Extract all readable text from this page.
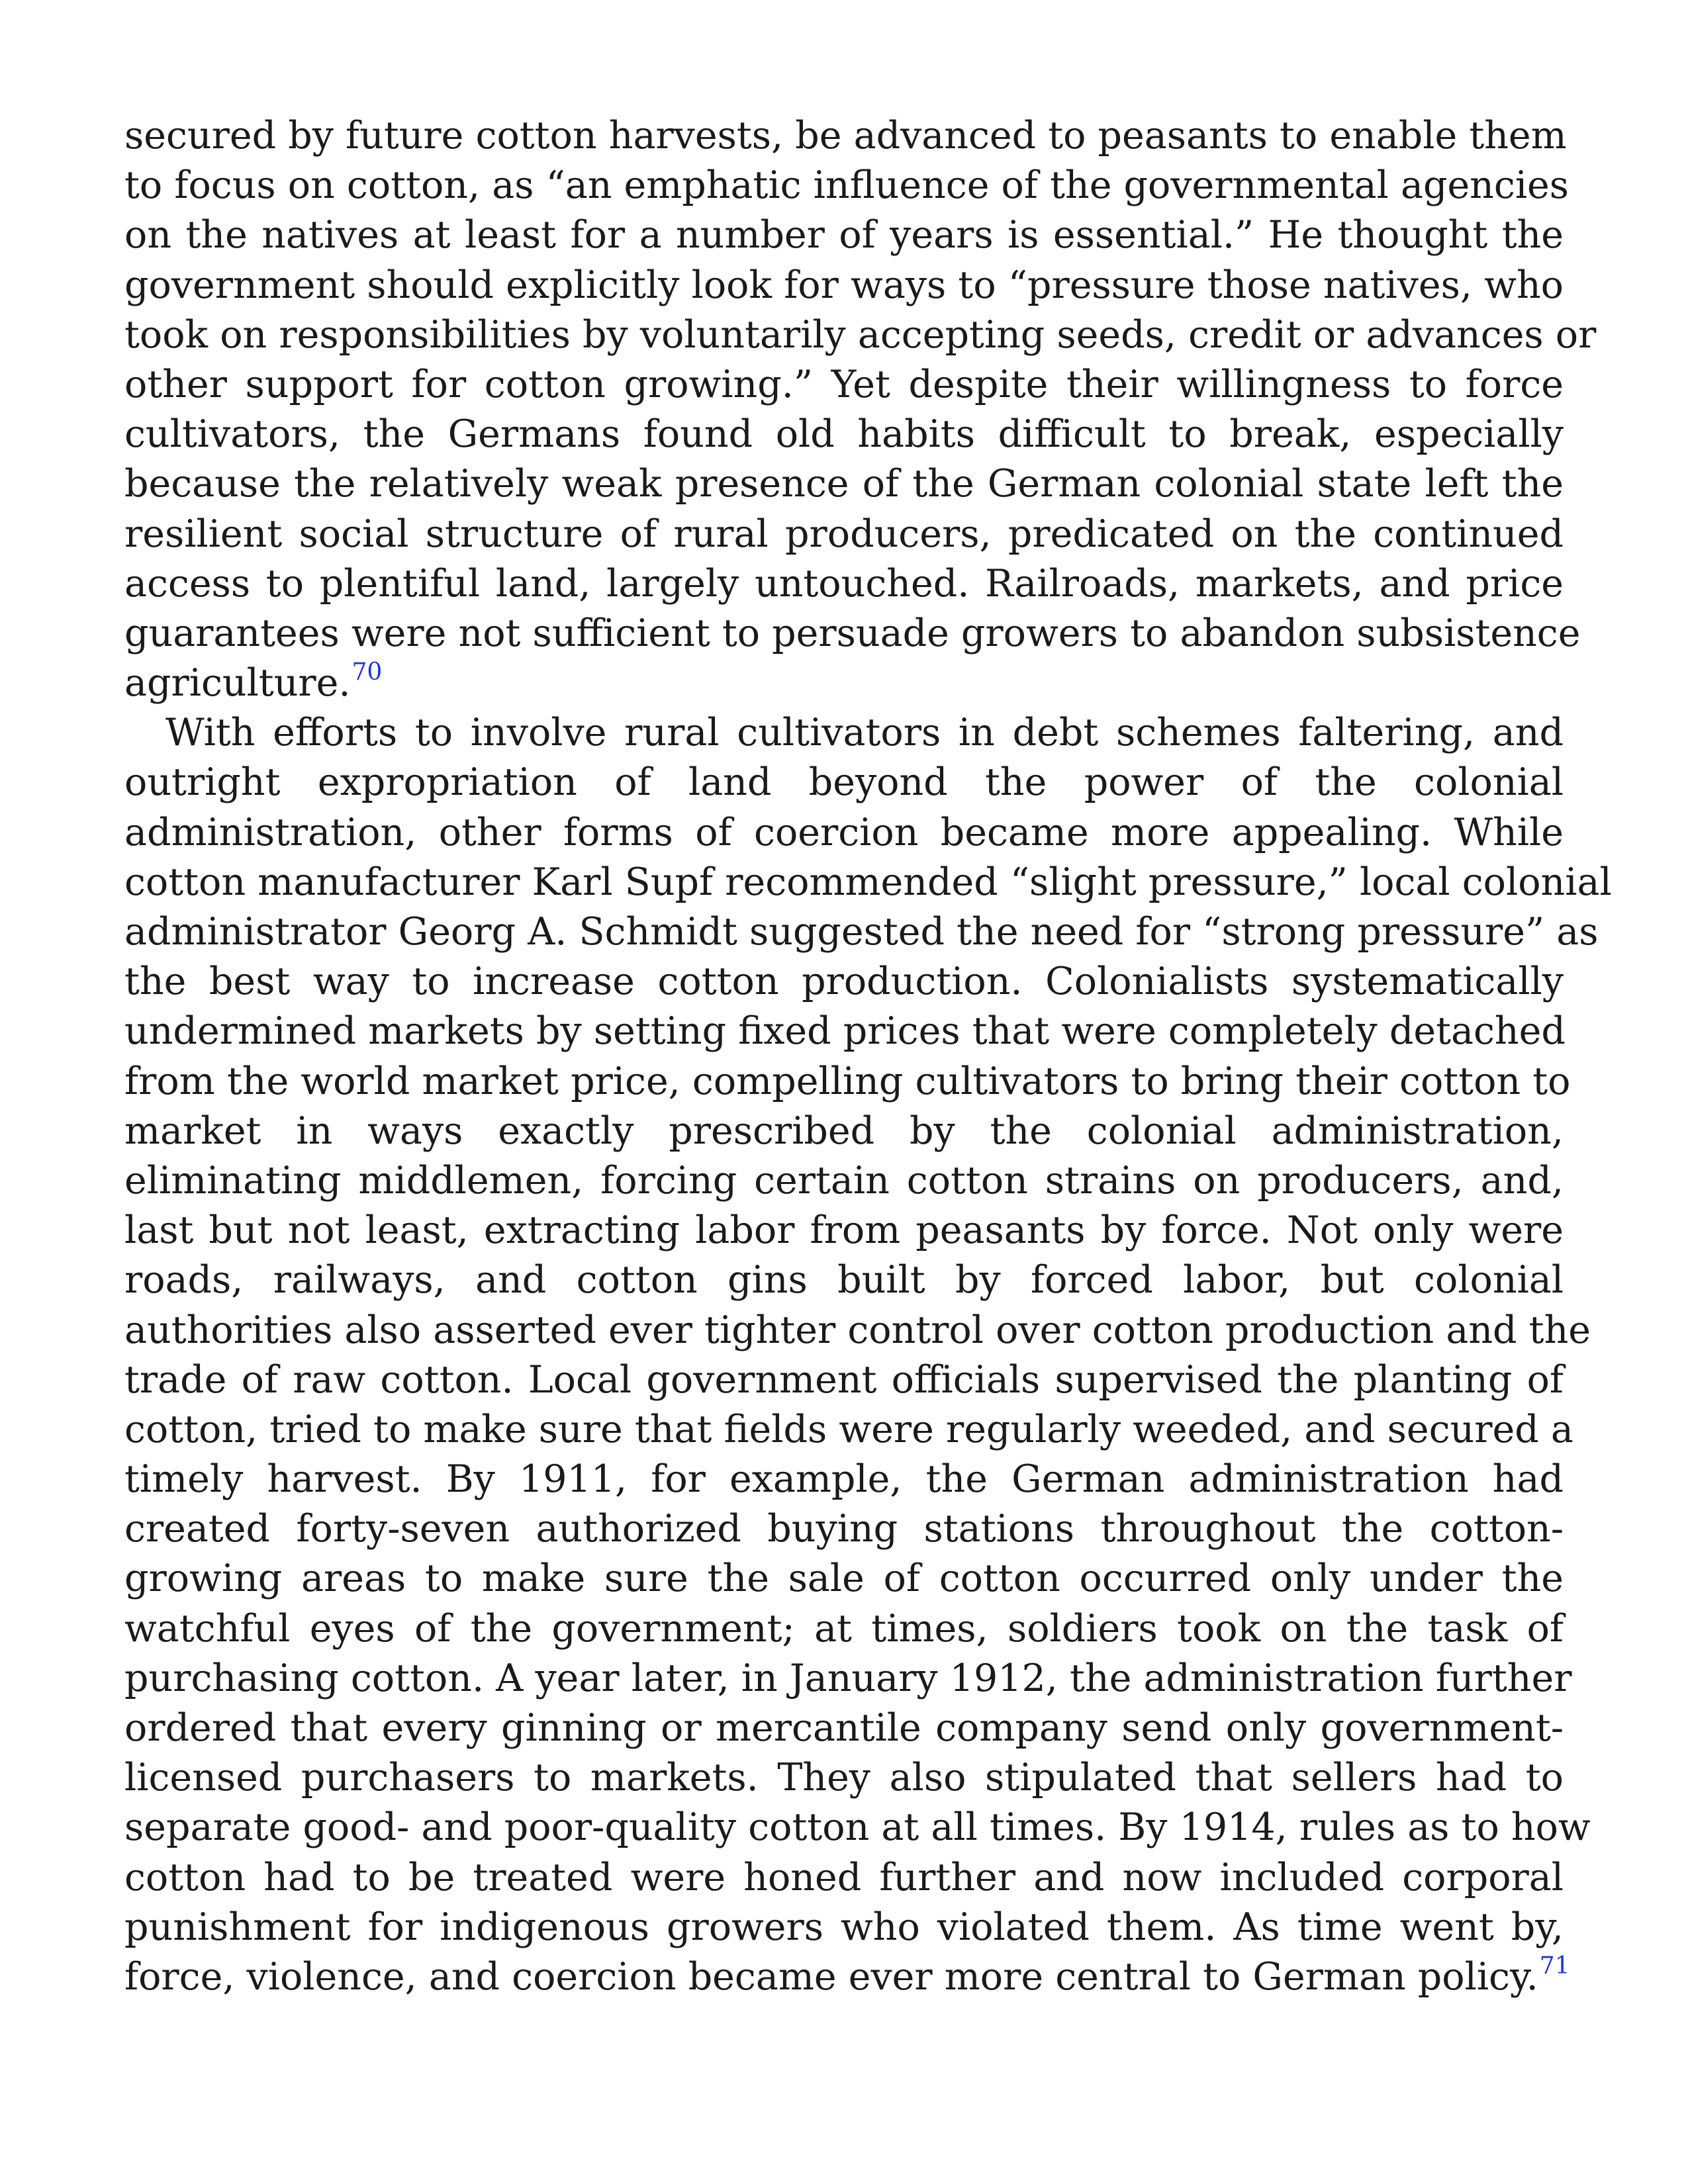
secured by future cotton harvests, be advanced to peasants to enable them
to focus on cotton, as “an emphatic influence of the governmental agencies
on the natives at least for a number of years is essential.” He thought the
government should explicitly look for ways to “pressure those natives, who
took on responsibilities by voluntarily accepting seeds, credit or advances or
other support for cotton growing.” Yet despite their willingness to force
cultivators, the Germans found old habits difficult to break, especially
because the relatively weak presence of the German colonial state left the
resilient social structure of rural producers, predicated on the continued
access to plentiful land, largely untouched. Railroads, markets, and price
guarantees were not sufficient to persuade growers to abandon subsistence
agriculture.$^{70}$
With efforts to involve rural cultivators in debt schemes faltering, and
outright expropriation of land beyond the power of the colonial
administration, other forms of coercion became more appealing. While
cotton manufacturer Karl Supf recommended “slight pressure,” local colonial
administrator Georg A. Schmidt suggested the need for “strong pressure” as
the best way to increase cotton production. Colonialists systematically
undermined markets by setting fixed prices that were completely detached
from the world market price, compelling cultivators to bring their cotton to
market in ways exactly prescribed by the colonial administration,
eliminating middlemen, forcing certain cotton strains on producers, and,
last but not least, extracting labor from peasants by force. Not only were
roads, railways, and cotton gins built by forced labor, but colonial
authorities also asserted ever tighter control over cotton production and the
trade of raw cotton. Local government officials supervised the planting of
cotton, tried to make sure that fields were regularly weeded, and secured a
timely harvest. By 1911, for example, the German administration had
created forty-seven authorized buying stations throughout the cotton-
growing areas to make sure the sale of cotton occurred only under the
watchful eyes of the government; at times, soldiers took on the task of
purchasing cotton. A year later, in January 1912, the administration further
ordered that every ginning or mercantile company send only government-
licensed purchasers to markets. They also stipulated that sellers had to
separate good- and poor-quality cotton at all times. By 1914, rules as to how
cotton had to be treated were honed further and now included corporal
punishment for indigenous growers who violated them. As time went by,
force, violence, and coercion became ever more central to German policy.$^{71}$
